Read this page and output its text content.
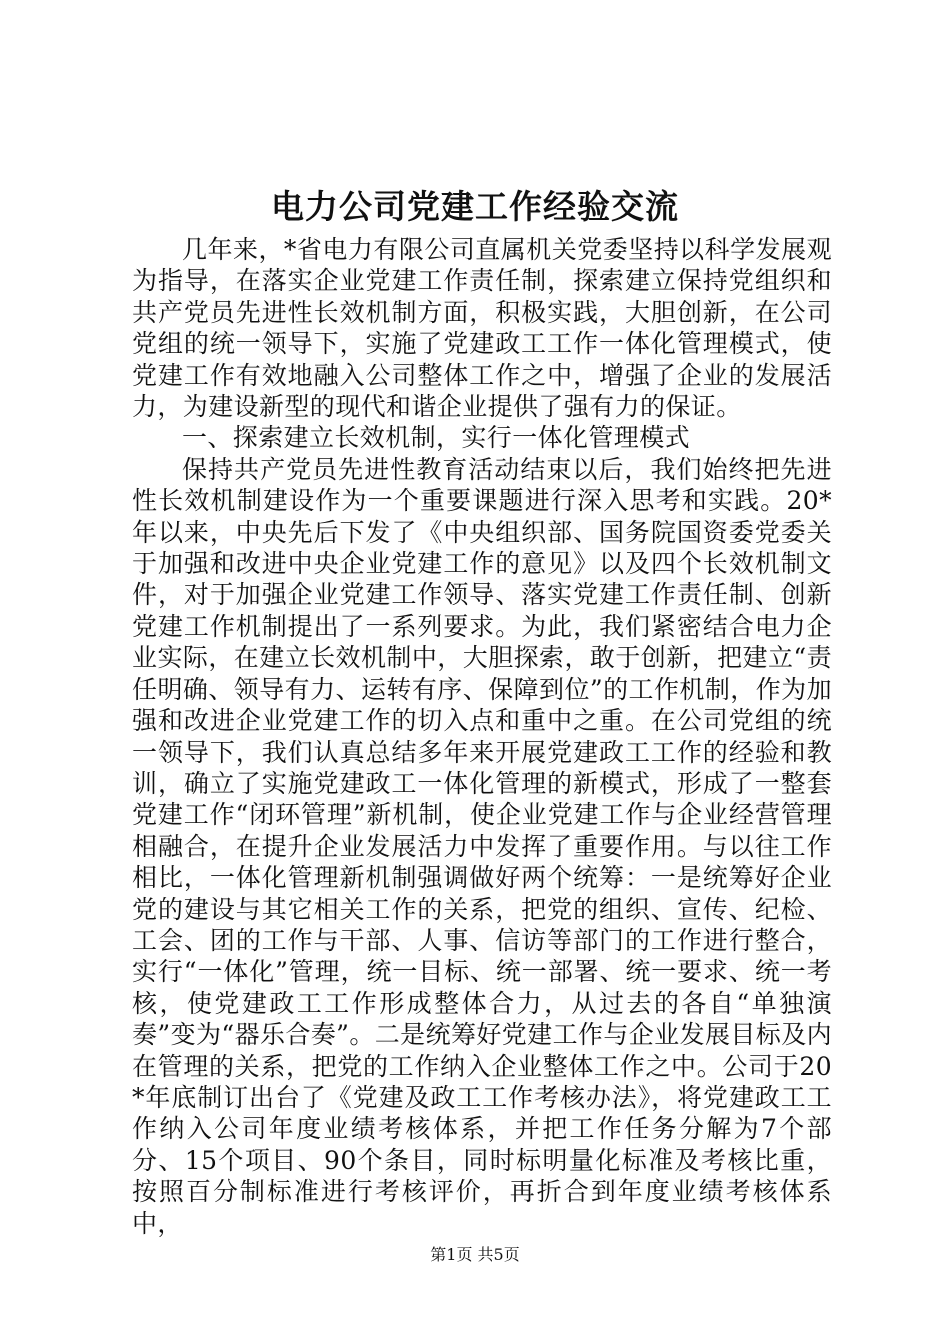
电力公司党建工作经验交流

几年来，*省电力有限公司直属机关党委坚持以科学发展观为指导，在落实企业党建工作责任制，探索建立保持党组织和共产党员先进性长效机制方面，积极实践，大胆创新，在公司党组的统一领导下，实施了党建政工工作一体化管理模式，使党建工作有效地融入公司整体工作之中，增强了企业的发展活力，为建设新型的现代和谐企业提供了强有力的保证。

一、探索建立长效机制，实行一体化管理模式

保持共产党员先进性教育活动结束以后，我们始终把先进性长效机制建设作为一个重要课题进行深入思考和实践。20*年以来，中央先后下发了《中央组织部、国务院国资委党委关于加强和改进中央企业党建工作的意见》以及四个长效机制文件，对于加强企业党建工作领导、落实党建工作责任制、创新党建工作机制提出了一系列要求。为此，我们紧密结合电力企业实际，在建立长效机制中，大胆探索，敢于创新，把建立“责任明确、领导有力、运转有序、保障到位”的工作机制，作为加强和改进企业党建工作的切入点和重中之重。在公司党组的统一领导下，我们认真总结多年来开展党建政工工作的经验和教训，确立了实施党建政工一体化管理的新模式，形成了一整套党建工作“闭环管理”新机制，使企业党建工作与企业经营管理相融合，在提升企业发展活力中发挥了重要作用。与以往工作相比，一体化管理新机制强调做好两个统筹：一是统筹好企业党的建设与其它相关工作的关系，把党的组织、宣传、纪检、工会、团的工作与干部、人事、信访等部门的工作进行整合，实行“一体化”管理，统一目标、统一部署、统一要求、统一考核，使党建政工工作形成整体合力，从过去的各自“单独演奏”变为“器乐合奏”。二是统筹好党建工作与企业发展目标及内在管理的关系，把党的工作纳入企业整体工作之中。公司于20*年底制订出台了《党建及政工工作考核办法》，将党建政工工作纳入公司年度业绩考核体系，并把工作任务分解为7个部分、15个项目、90个条目，同时标明量化标准及考核比重，按照百分制标准进行考核评价，再折合到年度业绩考核体系中，

第1页 共5页
